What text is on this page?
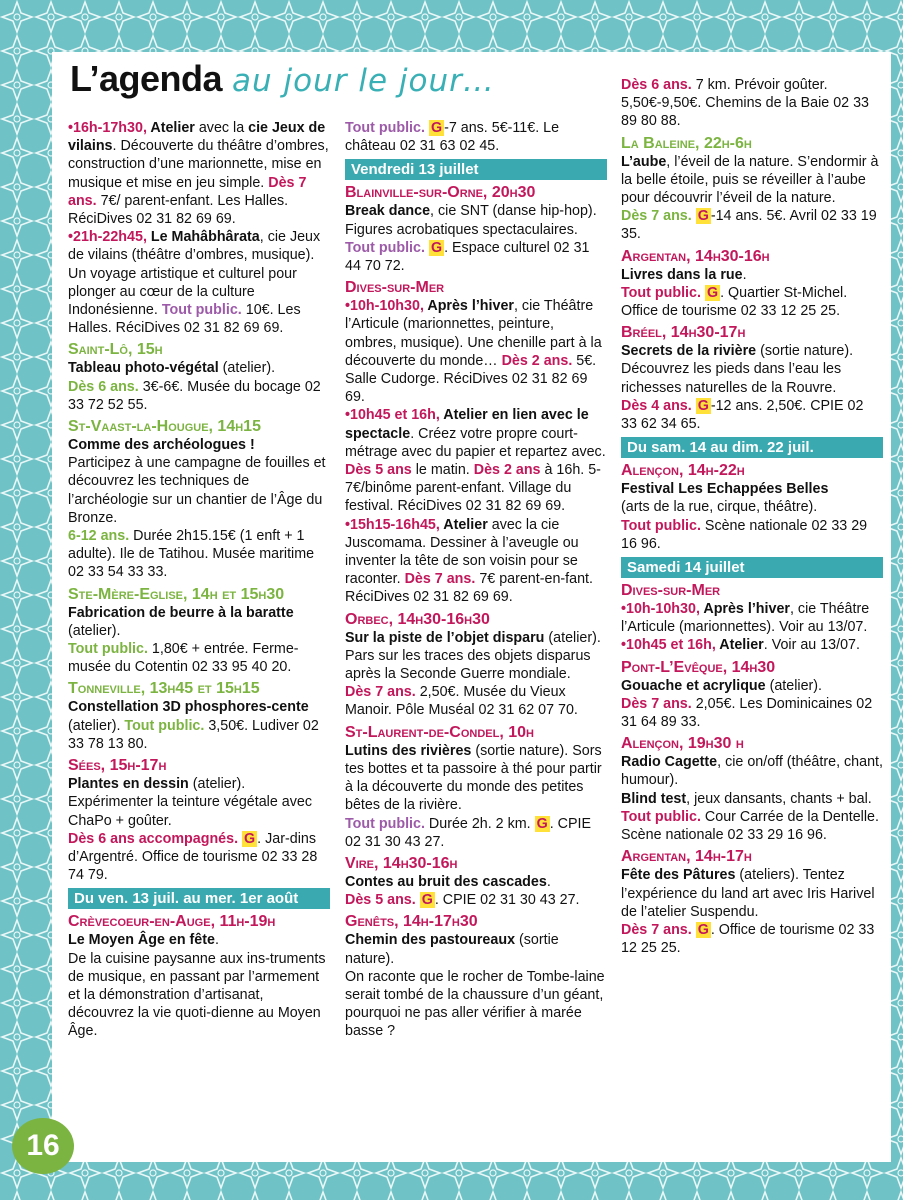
L’agenda au jour le jour…

•16h-17h30, Atelier avec la cie Jeux de vilains. Découverte du théâtre d’ombres, construction d’une marionnette, mise en musique et mise en jeu simple. Dès 7 ans. 7€/ parent-enfant. Les Halles. RéciDives 02 31 82 69 69.

•21h-22h45, Le Mahâbhârata, cie Jeux de vilains (théâtre d’ombres, musique). Un voyage artistique et culturel pour plonger au cœur de la culture Indonésienne. Tout public. 10€. Les Halles. RéciDives 02 31 82 69 69.

Saint-Lô, 15h

Tableau photo-végétal (atelier).
Dès 6 ans. 3€-6€. Musée du bocage 02 33 72 52 55.

St-Vaast-la-Hougue, 14h15

Comme des archéologues !
Participez à une campagne de fouilles et découvrez les techniques de l’archéologie sur un chantier de l’Âge du Bronze.
6-12 ans. Durée 2h15.15€ (1 enft + 1 adulte). Ile de Tatihou. Musée maritime 02 33 54 33 33.

Ste-Mère-Eglise, 14h et 15h30

Fabrication de beurre à la baratte (atelier).
Tout public. 1,80€ + entrée. Ferme-musée du Cotentin 02 33 95 40 20.

Tonneville, 13h45 et 15h15

Constellation 3D phosphores-cente (atelier). Tout public. 3,50€. Ludiver 02 33 78 13 80.

Sées, 15h-17h

Plantes en dessin (atelier). Expérimenter la teinture végétale avec ChaPo + goûter.
Dès 6 ans accompagnés. G . Jar-dins d’Argentré. Office de tourisme 02 33 28 74 79.

Du ven. 13 juil. au mer. 1er août

Crèvecoeur-en-Auge, 11h-19h

Le Moyen Âge en fête.
De la cuisine paysanne aux ins-truments de musique, en passant par l’armement et la démonstration d’artisanat, découvrez la vie quoti-dienne au Moyen Âge.

Tout public. G -7 ans. 5€-11€. Le château 02 31 63 02 45.

Vendredi 13 juillet

Blainville-sur-Orne, 20h30

Break dance, cie SNT (danse hip-hop). Figures acrobatiques spectaculaires. Tout public. G . Espace culturel 02 31 44 70 72.

Dives-sur-Mer

•10h-10h30, Après l’hiver, cie Théâtre l’Articule (marionnettes, peinture, ombres, musique). Une chenille part à la découverte du monde… Dès 2 ans. 5€. Salle Cudorge. RéciDives 02 31 82 69 69.

•10h45 et 16h, Atelier en lien avec le spectacle. Créez votre propre court-métrage avec du papier et repartez avec. Dès 5 ans le matin. Dès 2 ans à 16h. 5-7€/binôme parent-enfant. Village du festival. RéciDives 02 31 82 69 69.

•15h15-16h45, Atelier avec la cie Juscomama. Dessiner à l’aveugle ou inventer la tête de son voisin pour se raconter. Dès 7 ans. 7€ parent-en-fant. RéciDives 02 31 82 69 69.

Orbec, 14h30-16h30

Sur la piste de l’objet disparu (atelier). Pars sur les traces des objets disparus après la Seconde Guerre mondiale.
Dès 7 ans. 2,50€. Musée du Vieux Manoir. Pôle Muséal 02 31 62 07 70.

St-Laurent-de-Condel, 10h

Lutins des rivières (sortie nature). Sors tes bottes et ta passoire à thé pour partir à la découverte du monde des petites bêtes de la rivière.
Tout public. Durée 2h. 2 km. G . CPIE 02 31 30 43 27.

Vire, 14h30-16h

Contes au bruit des cascades.
Dès 5 ans. G . CPIE 02 31 30 43 27.

Genêts, 14h-17h30

Chemin des pastoureaux (sortie nature).
On raconte que le rocher de Tombe-laine serait tombé de la chaussure d’un géant, pourquoi ne pas aller vérifier à marée basse ?

Dès 6 ans. 7 km. Prévoir goûter. 5,50€-9,50€. Chemins de la Baie 02 33 89 80 88.

La Baleine, 22h-6h

L’aube, l’éveil de la nature. S’endormir à la belle étoile, puis se réveiller à l’aube pour découvrir l’éveil de la nature.
Dès 7 ans. G -14 ans. 5€. Avril 02 33 19 35.

Argentan, 14h30-16h

Livres dans la rue.
Tout public. G . Quartier St-Michel. Office de tourisme 02 33 12 25 25.

Bréel, 14h30-17h

Secrets de la rivière (sortie nature). Découvrez les pieds dans l’eau les richesses naturelles de la Rouvre.
Dès 4 ans. G -12 ans. 2,50€. CPIE 02 33 62 34 65.

Du sam. 14 au dim. 22 juil.

Alençon, 14h-22h

Festival Les Echappées Belles
(arts de la rue, cirque, théâtre).
Tout public. Scène nationale 02 33 29 16 96.

Samedi 14 juillet

Dives-sur-Mer

•10h-10h30, Après l’hiver, cie Théâtre l’Articule (marionnettes). Voir au 13/07.

•10h45 et 16h, Atelier. Voir au 13/07.

Pont-L’Evêque, 14h30

Gouache et acrylique (atelier).
Dès 7 ans. 2,05€. Les Dominicaines 02 31 64 89 33.

Alençon, 19h30 h

Radio Cagette, cie on/off (théâtre, chant, humour).
Blind test, jeux dansants, chants + bal.
Tout public. Cour Carrée de la Dentelle. Scène nationale 02 33 29 16 96.

Argentan, 14h-17h

Fête des Pâtures (ateliers). Tentez l’expérience du land art avec Iris Harivel de l’atelier Suspendu.
Dès 7 ans. G . Office de tourisme 02 33 12 25 25.

16
